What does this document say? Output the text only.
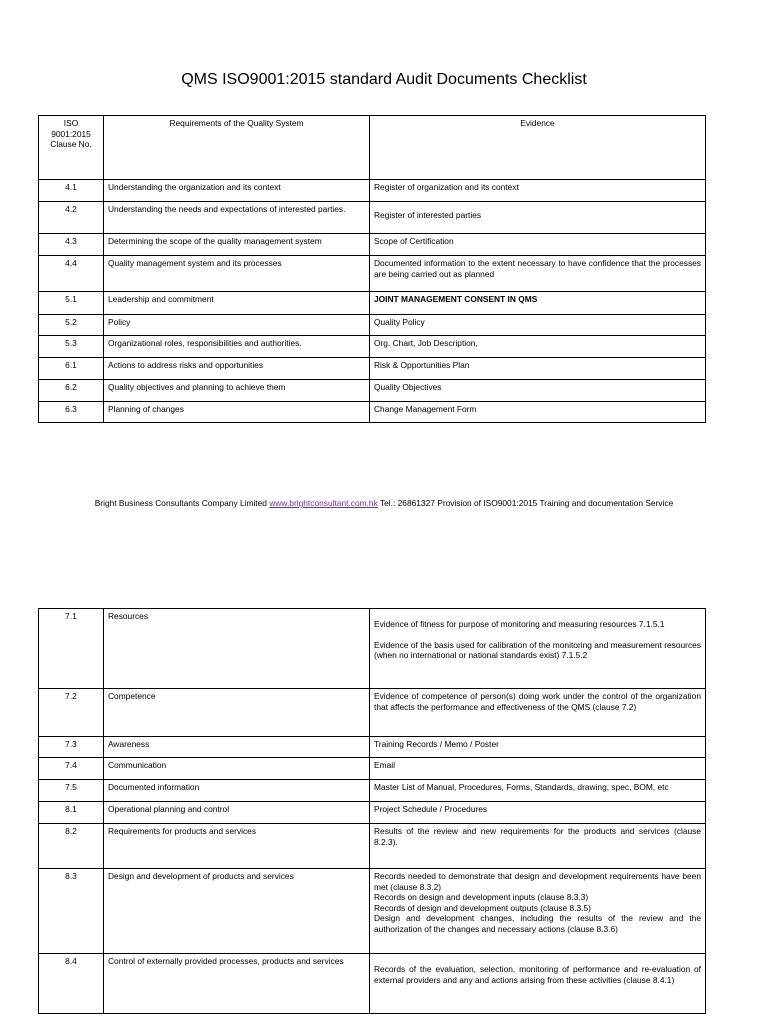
QMS ISO9001:2015 standard Audit Documents Checklist
ISO 9001:2015 Clause No.	Requirements of the Quality System	Evidence
4.1	Understanding the organization and its context	Register of organization and its context
4.2	Understanding the needs and expectations of interested parties.	Register of interested parties
4.3	Determining the scope of the quality management system	Scope of Certification
4.4	Quality management system and its processes	Documented information to the extent necessary to have confidence that the processes are being carried out as planned
5.1	Leadership and commitment	JOINT MANAGEMENT CONSENT IN QMS
5.2	Policy	Quality Policy
5.3	Organizational roles, responsibilities and authorities.	Org. Chart, Job Description,
6.1	Actions to address risks and opportunities	Risk & Opportunities Plan
6.2	Quality objectives and planning to achieve them	Quality Objectives
6.3	Planning of changes	Change Management Form
Bright Business Consultants Company Limited www.brightconsultant.com.hk Tel.: 26861327 Provision of ISO9001:2015 Training and documentation Service
7.1	Resources	Evidence of fitness for purpose of monitoring and measuring resources 7.1.5.1
Evidence of the basis used for calibration of the monitoring and measurement resources (when no international or national standards exist) 7.1.5.2

7.2	Competence	Evidence of competence of person(s) doing work under the control of the organization that affects the performance and effectiveness of the QMS (clause 7.2)
7.3	Awareness	Training Records / Memo / Poster
7.4	Communication	Email
7.5	Documented information	Master List of Manual, Procedures, Forms, Standards, drawing, spec, BOM, etc
8.1	Operational planning and control	Project Schedule / Procedures
8.2	Requirements for products and services	Results of the review and new requirements for the products and services (clause 8.2.3).
8.3	Design and development of products and services	Records needed to demonstrate that design and development requirements have been met (clause 8.3.2)
Records on design and development inputs (clause 8.3.3)
Records of design and development outputs (clause 8.3.5)
Design and development changes, including the results of the review and the authorization of the changes and necessary actions (clause 8.3.6)

8.4	Control of externally provided processes, products and services	Records of the evaluation, selection, monitoring of performance and re-evaluation of external providers and any and actions arising from these activities (clause 8.4.1)
